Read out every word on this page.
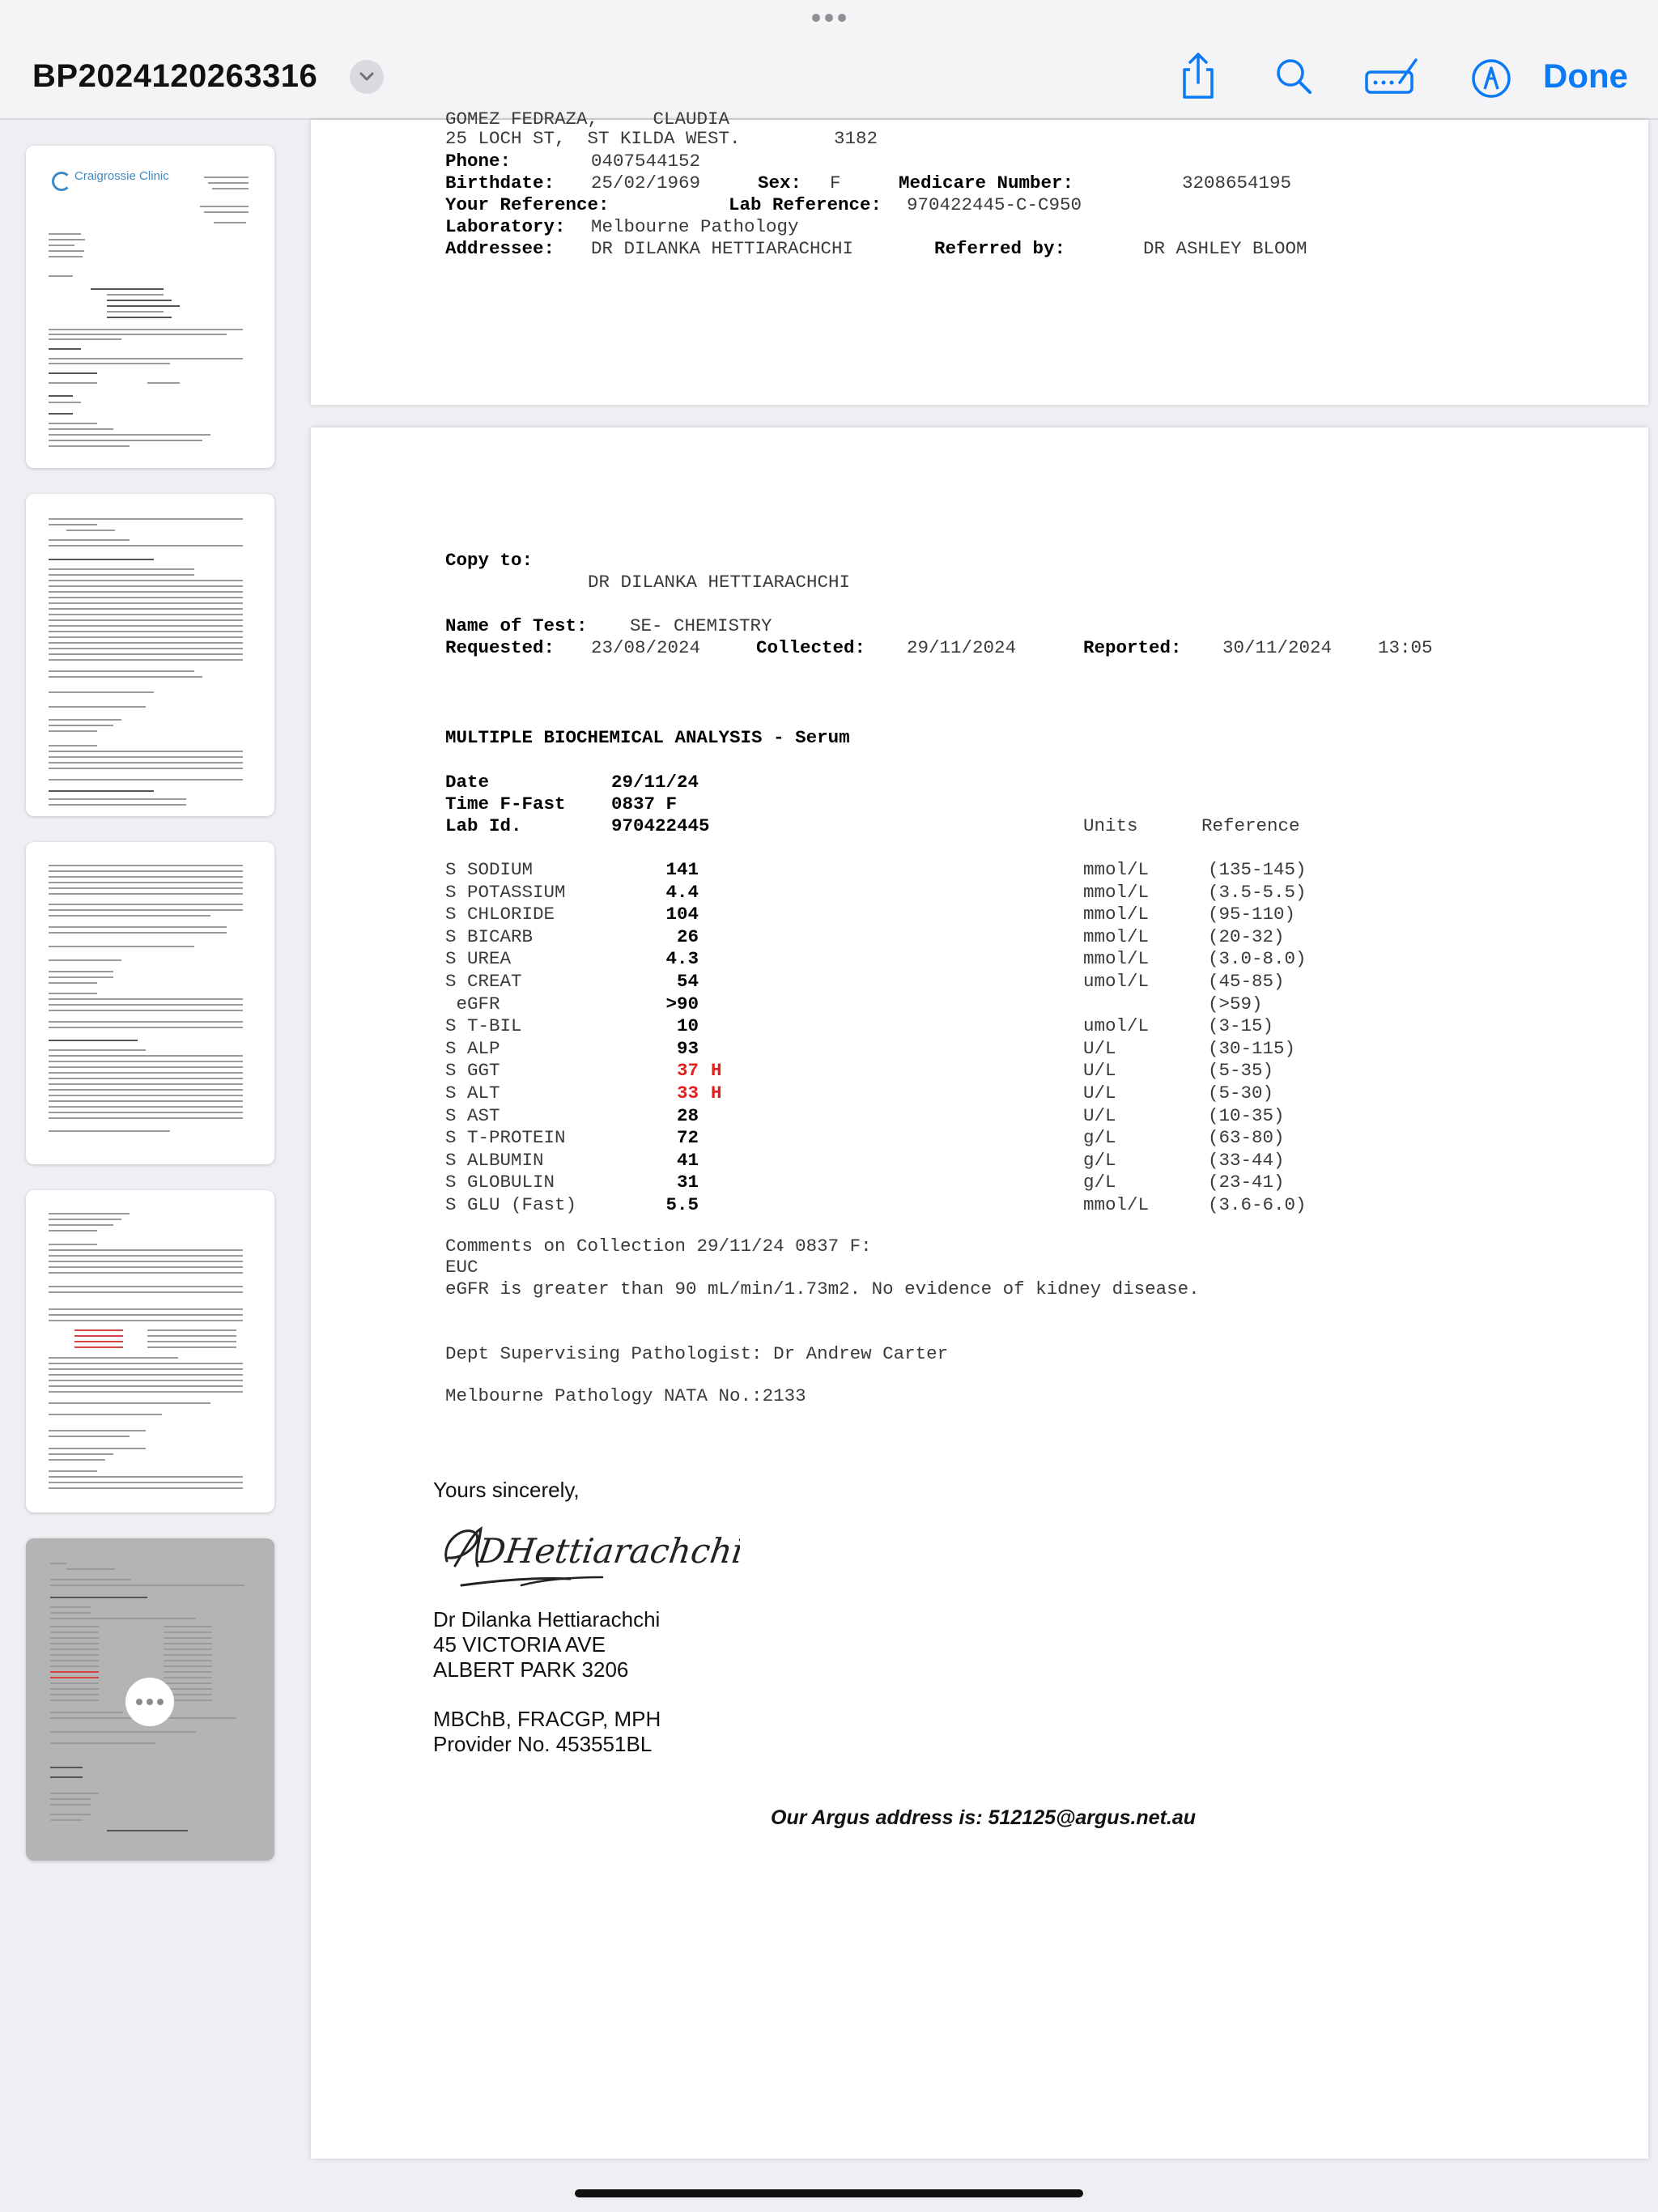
BP2024120263316	Done
Craigrossie Clinic
GOMEZ FEDRAZA,     CLAUDIA
25 LOCH ST,  ST KILDA WEST.	3182
Phone:	0407544152
Birthdate: 25/02/1969	Sex: F	Medicare Number:	3208654195
Your Reference:	Lab Reference: 970422445-C-C950
Laboratory: Melbourne Pathology
Addressee: DR DILANKA HETTIARACHCHI	Referred by:	DR ASHLEY BLOOM
Copy to:
DR DILANKA HETTIARACHCHI
Name of Test: SE- CHEMISTRY
Requested: 23/08/2024	Collected: 29/11/2024	Reported: 30/11/2024	13:05
MULTIPLE BIOCHEMICAL ANALYSIS - Serum
Date	29/11/24
Time F-Fast	0837 F
Lab Id.	970422445	Units	Reference
S SODIUM	141	mmol/L	(135-145)
S POTASSIUM	4.4	mmol/L	(3.5-5.5)
S CHLORIDE	104	mmol/L	(95-110)
S BICARB	26	mmol/L	(20-32)
S UREA	4.3	mmol/L	(3.0-8.0)
S CREAT	54	umol/L	(45-85)
eGFR	>90	(>59)
S T-BIL	10	umol/L	(3-15)
S ALP	93	U/L	(30-115)
S GGT	37 H	U/L	(5-35)
S ALT	33 H	U/L	(5-30)
S AST	28	U/L	(10-35)
S T-PROTEIN	72	g/L	(63-80)
S ALBUMIN	41	g/L	(33-44)
S GLOBULIN	31	g/L	(23-41)
S GLU (Fast)	5.5	mmol/L	(3.6-6.0)
Comments on Collection 29/11/24 0837 F:
EUC
eGFR is greater than 90 mL/min/1.73m2. No evidence of kidney disease.
Dept Supervising Pathologist: Dr Andrew Carter
Melbourne Pathology NATA No.:2133
Yours sincerely,
DHettiarachchi
Dr Dilanka Hettiarachchi
45 VICTORIA AVE
ALBERT PARK 3206
MBChB, FRACGP, MPH
Provider No. 453551BL
Our Argus address is: 512125@argus.net.au
